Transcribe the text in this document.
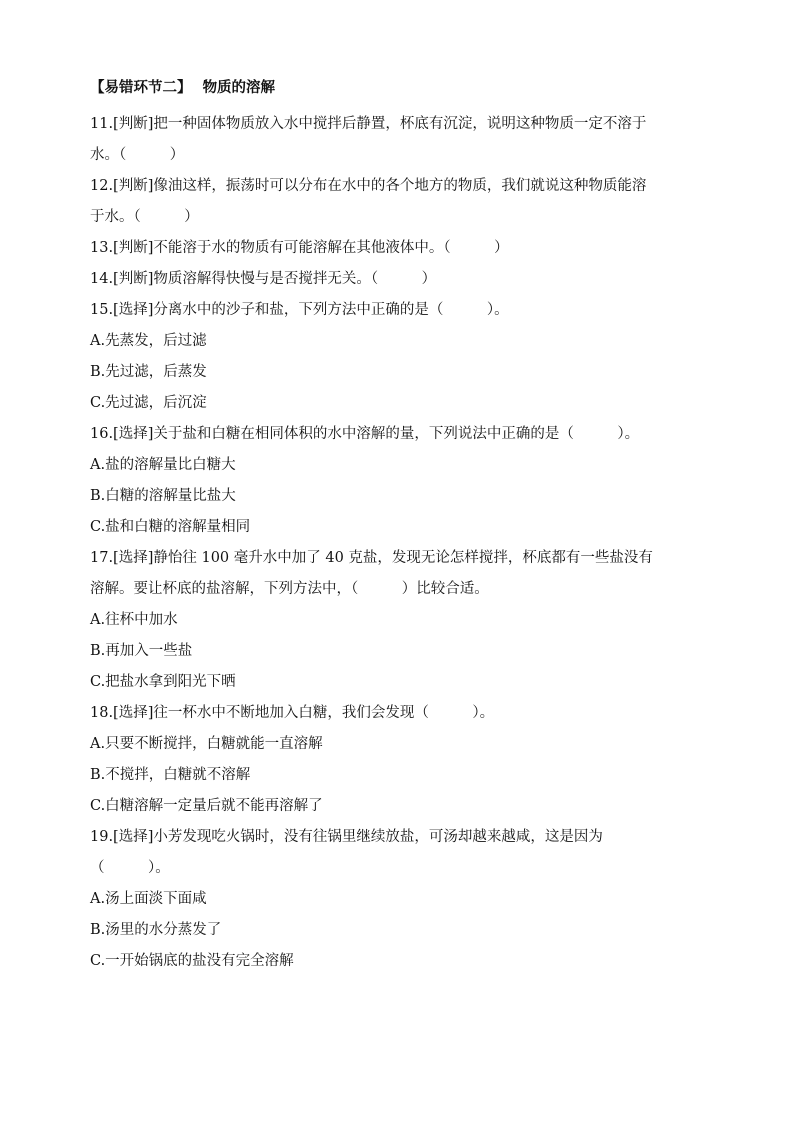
【易错环节二】 物质的溶解

11.[判断]把一种固体物质放入水中搅拌后静置，杯底有沉淀，说明这种物质一定不溶于
水。（　　　）
12.[判断]像油这样，振荡时可以分布在水中的各个地方的物质，我们就说这种物质能溶
于水。（　　　）
13.[判断]不能溶于水的物质有可能溶解在其他液体中。（　　　）
14.[判断]物质溶解得快慢与是否搅拌无关。（　　　）
15.[选择]分离水中的沙子和盐，下列方法中正确的是（　　　）。
A.先蒸发，后过滤
B.先过滤，后蒸发
C.先过滤，后沉淀
16.[选择]关于盐和白糖在相同体积的水中溶解的量，下列说法中正确的是（　　　）。
A.盐的溶解量比白糖大
B.白糖的溶解量比盐大
C.盐和白糖的溶解量相同
17.[选择]静怡往 100 毫升水中加了 40 克盐，发现无论怎样搅拌，杯底都有一些盐没有
溶解。要让杯底的盐溶解，下列方法中，（　　　）比较合适。
A.往杯中加水
B.再加入一些盐
C.把盐水拿到阳光下晒
18.[选择]往一杯水中不断地加入白糖，我们会发现（　　　）。
A.只要不断搅拌，白糖就能一直溶解
B.不搅拌，白糖就不溶解
C.白糖溶解一定量后就不能再溶解了
19.[选择]小芳发现吃火锅时，没有往锅里继续放盐，可汤却越来越咸，这是因为
（　　　）。
A.汤上面淡下面咸
B.汤里的水分蒸发了
C.一开始锅底的盐没有完全溶解
